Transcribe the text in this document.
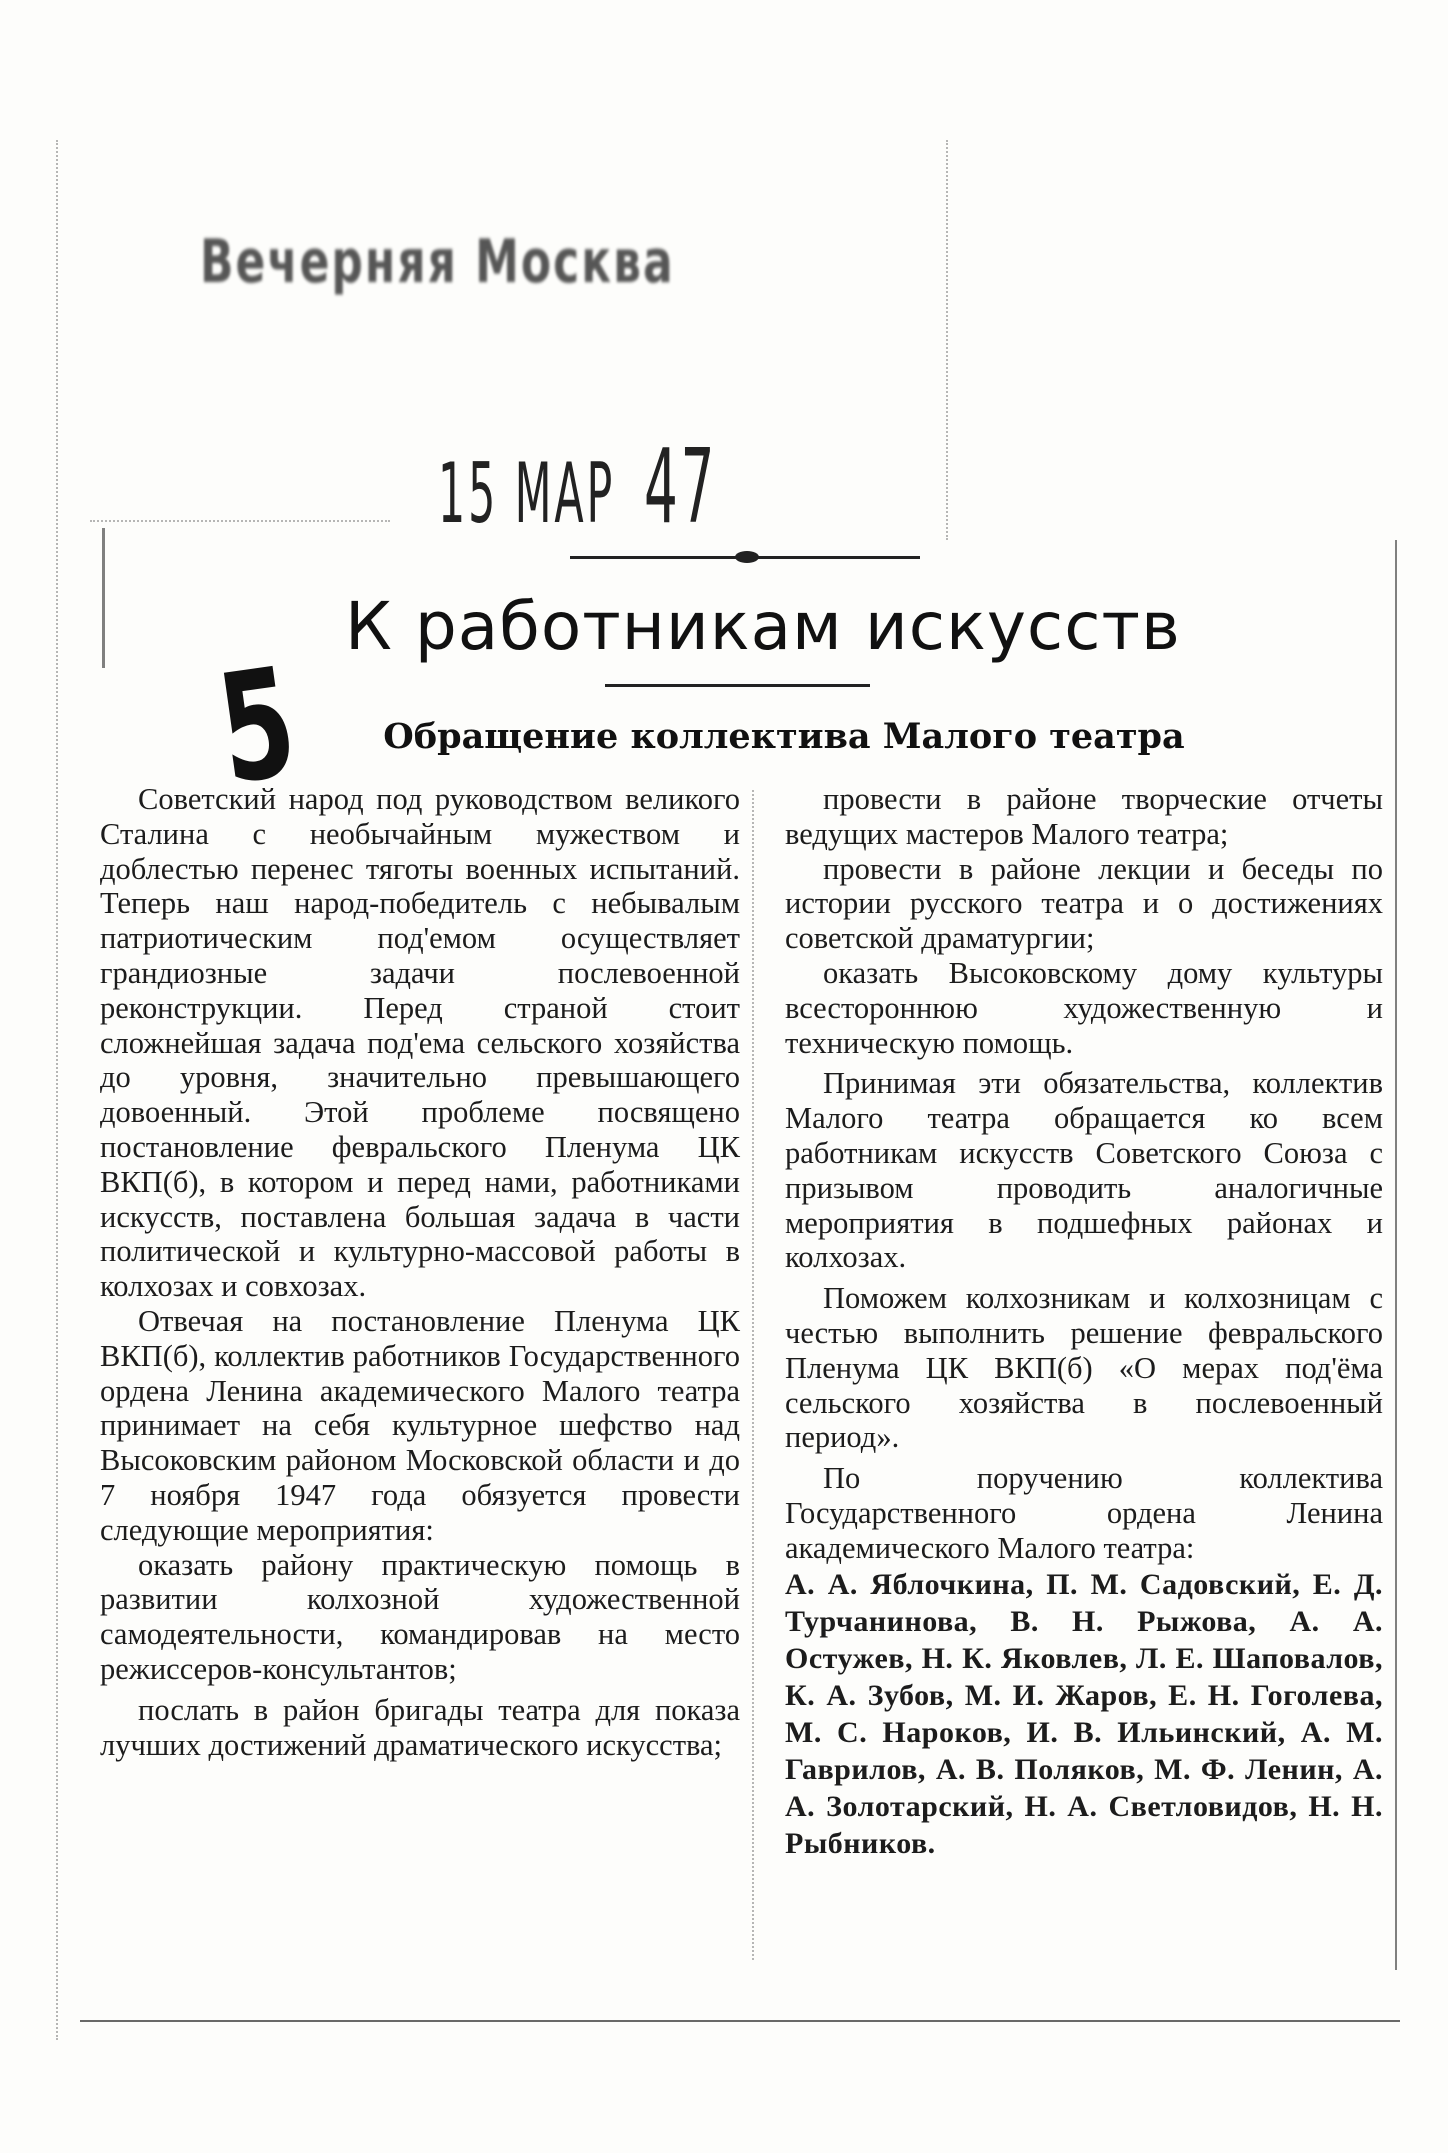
Вечерняя Москва
15 МАР 47
5
К работникам искусств
Обращение коллектива Малого театра

Советский народ под руководством великого Сталина с необычайным мужеством и доблестью перенес тяготы военных испытаний. Теперь наш народ-победитель с небывалым патриотическим под'емом осуществляет грандиозные задачи послевоенной реконструкции. Перед страной стоит сложнейшая задача под'ема сельского хозяйства до уровня, значительно превышающего довоенный. Этой проблеме посвящено постановление февральского Пленума ЦК ВКП(б), в котором и перед нами, работниками искусств, поставлена большая задача в части политической и культурно-массовой работы в колхозах и совхозах.

Отвечая на постановление Пленума ЦК ВКП(б), коллектив работников Государственного ордена Ленина академического Малого театра принимает на себя культурное шефство над Высоковским районом Московской области и до 7 ноября 1947 года обязуется провести следующие мероприятия:

оказать району практическую помощь в развитии колхозной художественной самодеятельности, командировав на место режиссеров-консультантов;

послать в район бригады театра для показа лучших достижений драматического искусства;

провести в районе творческие отчеты ведущих мастеров Малого театра;

провести в районе лекции и беседы по истории русского театра и о достижениях советской драматургии;

оказать Высоковскому дому культуры всестороннюю художественную и техническую помощь.

Принимая эти обязательства, коллектив Малого театра обращается ко всем работникам искусств Советского Союза с призывом проводить аналогичные мероприятия в подшефных районах и колхозах.

Поможем колхозникам и колхозницам с честью выполнить решение февральского Пленума ЦК ВКП(б) «О мерах под'ёма сельского хозяйства в послевоенный период».

По поручению коллектива Государственного ордена Ленина академического Малого театра:

А. А. Яблочкина, П. М. Садовский, Е. Д. Турчанинова, В. Н. Рыжова, А. А. Остужев, Н. К. Яковлев, Л. Е. Шаповалов, К. А. Зубов, М. И. Жаров, Е. Н. Гоголева, М. С. Нароков, И. В. Ильинский, А. М. Гаврилов, А. В. Поляков, М. Ф. Ленин, А. А. Золотарский, Н. А. Светловидов, Н. Н. Рыбников.
